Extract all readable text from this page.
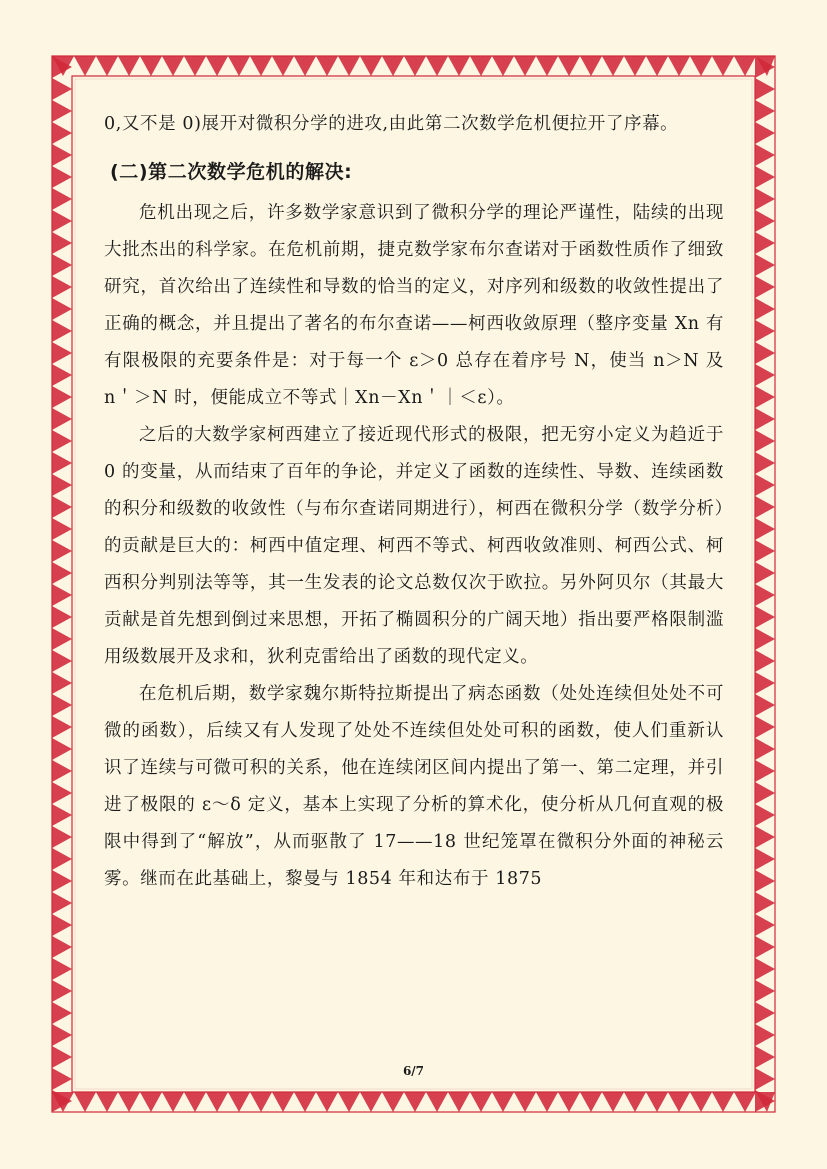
0,又不是 0)展开对微积分学的进攻,由此第二次数学危机便拉开了序幕。

(二)第二次数学危机的解决:

危机出现之后，许多数学家意识到了微积分学的理论严谨性，陆续的出现大批杰出的科学家。在危机前期，捷克数学家布尔查诺对于函数性质作了细致研究，首次给出了连续性和导数的恰当的定义，对序列和级数的收敛性提出了正确的概念，并且提出了著名的布尔查诺——柯西收敛原理（整序变量 Xn 有有限极限的充要条件是：对于每一个 ε＞0 总存在着序号 N，使当 n＞N 及 n＇＞N 时，便能成立不等式｜Xn－Xn＇｜＜ε）。

之后的大数学家柯西建立了接近现代形式的极限，把无穷小定义为趋近于 0 的变量，从而结束了百年的争论，并定义了函数的连续性、导数、连续函数的积分和级数的收敛性（与布尔查诺同期进行），柯西在微积分学（数学分析）的贡献是巨大的：柯西中值定理、柯西不等式、柯西收敛准则、柯西公式、柯西积分判别法等等，其一生发表的论文总数仅次于欧拉。另外阿贝尔（其最大贡献是首先想到倒过来思想，开拓了椭圆积分的广阔天地）指出要严格限制滥用级数展开及求和，狄利克雷给出了函数的现代定义。

在危机后期，数学家魏尔斯特拉斯提出了病态函数（处处连续但处处不可微的函数），后续又有人发现了处处不连续但处处可积的函数，使人们重新认识了连续与可微可积的关系，他在连续闭区间内提出了第一、第二定理，并引进了极限的 ε～δ 定义，基本上实现了分析的算术化，使分析从几何直观的极限中得到了“解放”，从而驱散了 17——18 世纪笼罩在微积分外面的神秘云雾。继而在此基础上，黎曼与 1854 年和达布于 1875

6/7
